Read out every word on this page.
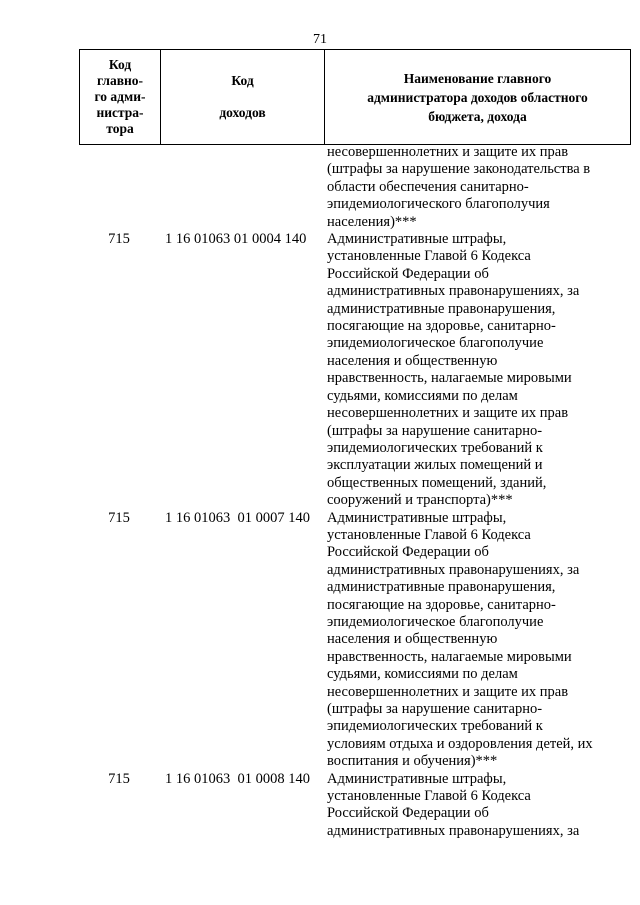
71
Код
главно-
го адми-
нистра-
тора

Код
доходов

Наименование главного
администратора доходов областного
бюджета, дохода
несовершеннолетних и защите их прав
(штрафы за нарушение законодательства в
области обеспечения санитарно-
эпидемиологического благополучия
населения)***
715	1 16 01063 01 0004 140	Административные штрафы,
установленные Главой 6 Кодекса
Российской Федерации об
административных правонарушениях, за
административные правонарушения,
посягающие на здоровье, санитарно-
эпидемиологическое благополучие
населения и общественную
нравственность, налагаемые мировыми
судьями, комиссиями по делам
несовершеннолетних и защите их прав
(штрафы за нарушение санитарно-
эпидемиологических требований к
эксплуатации жилых помещений и
общественных помещений, зданий,
сооружений и транспорта)***
715	1 16 01063  01 0007 140	Административные штрафы,
установленные Главой 6 Кодекса
Российской Федерации об
административных правонарушениях, за
административные правонарушения,
посягающие на здоровье, санитарно-
эпидемиологическое благополучие
населения и общественную
нравственность, налагаемые мировыми
судьями, комиссиями по делам
несовершеннолетних и защите их прав
(штрафы за нарушение санитарно-
эпидемиологических требований к
условиям отдыха и оздоровления детей, их
воспитания и обучения)***
715	1 16 01063  01 0008 140	Административные штрафы,
установленные Главой 6 Кодекса
Российской Федерации об
административных правонарушениях, за
